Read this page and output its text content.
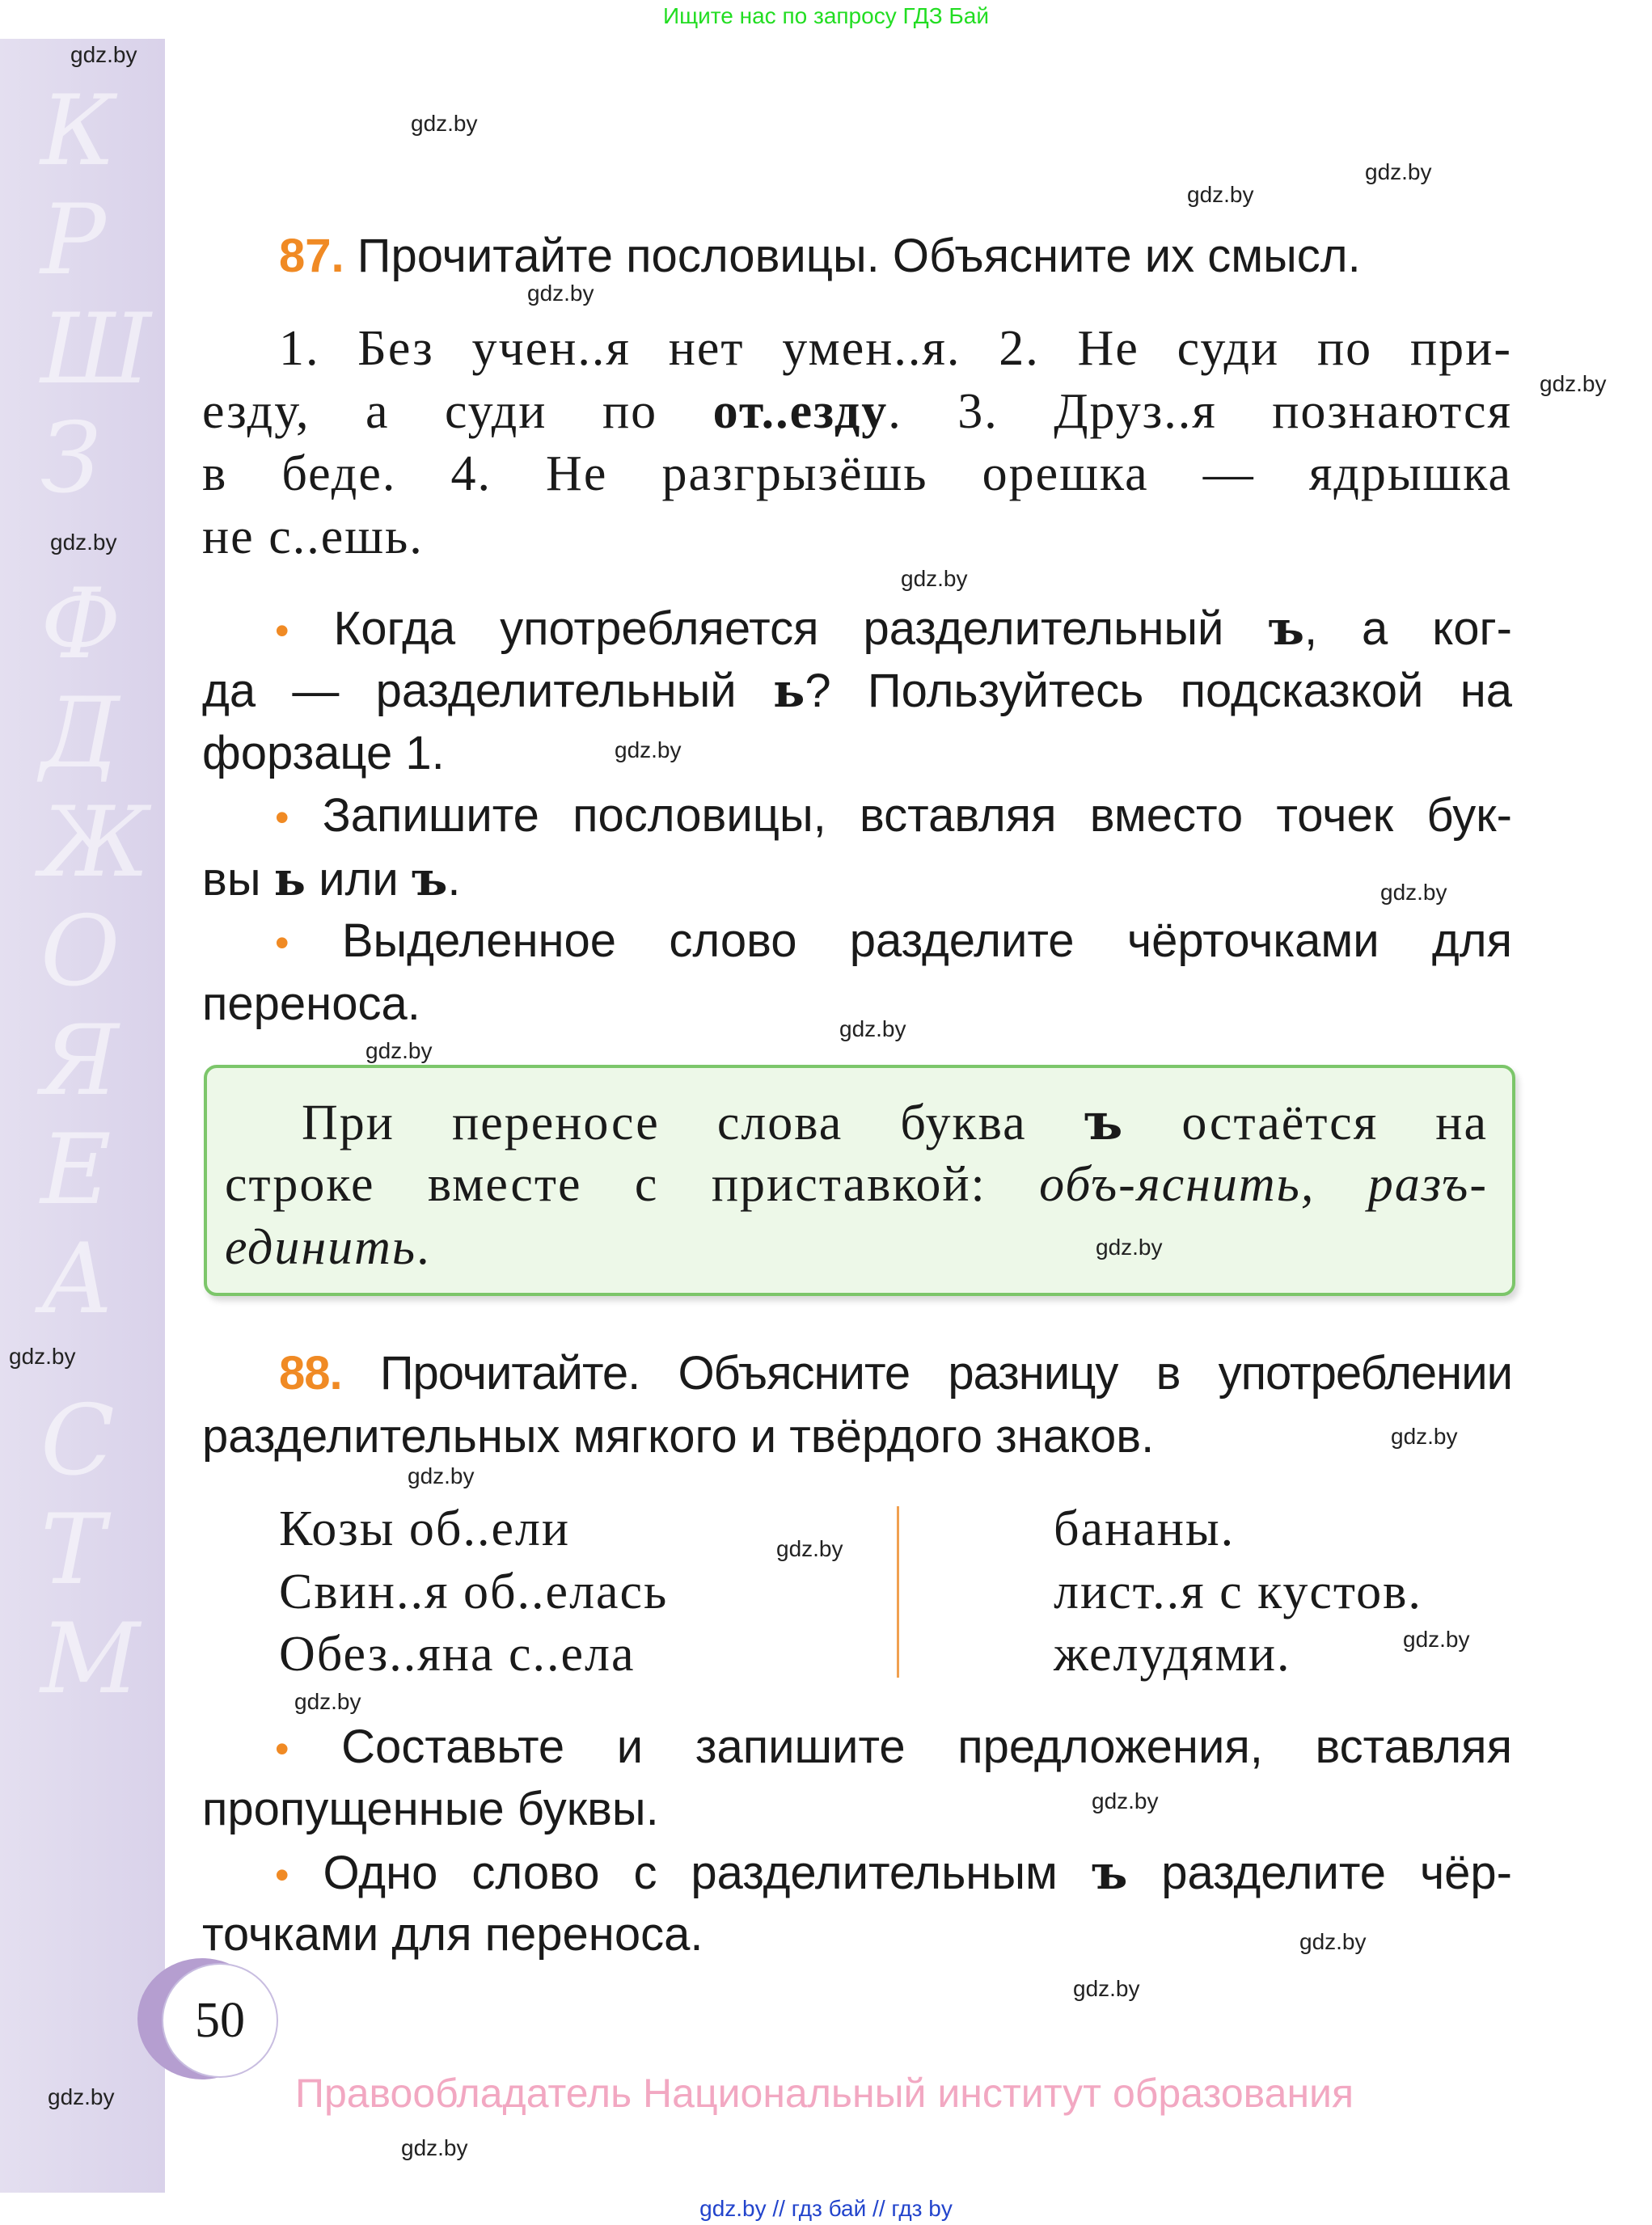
Ищите нас по запросу ГДЗ Бай
К
Р
Ш
З
Ф
Д
Ж
О
Я
Е
А
С
Т
М
87. Прочитайте пословицы. Объясните их смысл.
1. Без учен..я нет умен..я. 2. Не суди по при-
езду, а суди по от..езду. 3. Друз..я познаются
в беде. 4. Не разгрызёшь орешка — ядрышка
не с..ешь.
• Когда употребляется разделительный ъ, а ког-
да — разделительный ь? Пользуйтесь подсказкой на
форзаце 1.
• Запишите пословицы, вставляя вместо точек бук-
вы ь или ъ.
• Выделенное слово разделите чёрточками для
переноса.
При переносе слова буква ъ остаётся на
строке вместе с приставкой: объ-яснить, разъ-
единить.
88. Прочитайте. Объясните разницу в употреблении
разделительных мягкого и твёрдого знаков.
Козы об..ели
Свин..я об..елась
Обез..яна с..ела
бананы.
лист..я с кустов.
желудями.
• Составьте и запишите предложения, вставляя
пропущенные буквы.
• Одно слово с разделительным ъ разделите чёр-
точками для переноса.
50
Правообладатель Национальный институт образования
gdz.by // гдз бай // гдз by
gdz.by
gdz.by
gdz.by
gdz.by
gdz.by
gdz.by
gdz.by
gdz.by
gdz.by
gdz.by
gdz.by
gdz.by
gdz.by
gdz.by
gdz.by
gdz.by
gdz.by
gdz.by
gdz.by
gdz.by
gdz.by
gdz.by
gdz.by
gdz.by
